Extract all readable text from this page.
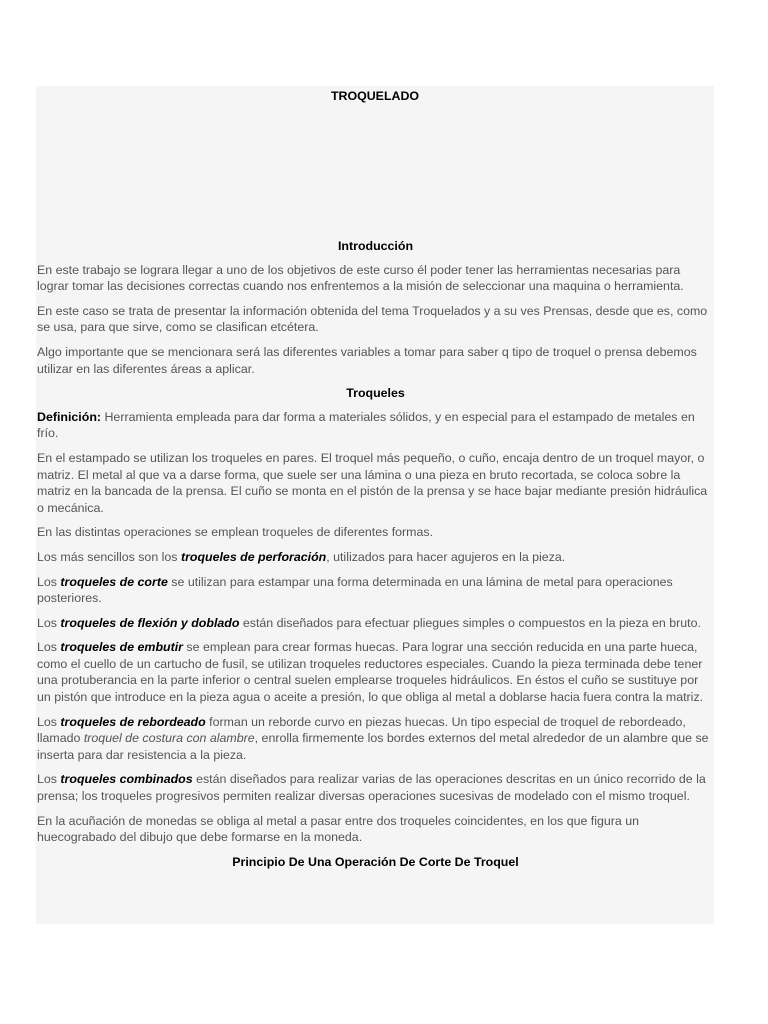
TROQUELADO
Introducción

En este trabajo se lograra llegar a uno de los objetivos de este curso él poder tener las herramientas necesarias para lograr tomar las decisiones correctas cuando nos enfrentemos a la misión de seleccionar una maquina o herramienta.

En este caso se trata de presentar la información obtenida del tema Troquelados y a su ves Prensas, desde que es, como se usa, para que sirve, como se clasifican etcétera.

Algo importante que se mencionara será las diferentes variables a tomar para saber q tipo de troquel o prensa debemos utilizar en las diferentes áreas a aplicar.

Troqueles

Definición: Herramienta empleada para dar forma a materiales sólidos, y en especial para el estampado de metales en frío.

En el estampado se utilizan los troqueles en pares. El troquel más pequeño, o cuño, encaja dentro de un troquel mayor, o matriz. El metal al que va a darse forma, que suele ser una lámina o una pieza en bruto recortada, se coloca sobre la matriz en la bancada de la prensa. El cuño se monta en el pistón de la prensa y se hace bajar mediante presión hidráulica o mecánica.

En las distintas operaciones se emplean troqueles de diferentes formas.

Los más sencillos son los troqueles de perforación, utilizados para hacer agujeros en la pieza.

Los troqueles de corte se utilizan para estampar una forma determinada en una lámina de metal para operaciones posteriores.

Los troqueles de flexión y doblado están diseñados para efectuar pliegues simples o compuestos en la pieza en bruto.

Los troqueles de embutir se emplean para crear formas huecas. Para lograr una sección reducida en una parte hueca, como el cuello de un cartucho de fusil, se utilizan troqueles reductores especiales. Cuando la pieza terminada debe tener una protuberancia en la parte inferior o central suelen emplearse troqueles hidráulicos. En éstos el cuño se sustituye por un pistón que introduce en la pieza agua o aceite a presión, lo que obliga al metal a doblarse hacia fuera contra la matriz.

Los troqueles de rebordeado forman un reborde curvo en piezas huecas. Un tipo especial de troquel de rebordeado, llamado troquel de costura con alambre, enrolla firmemente los bordes externos del metal alrededor de un alambre que se inserta para dar resistencia a la pieza.

Los troqueles combinados están diseñados para realizar varias de las operaciones descritas en un único recorrido de la prensa; los troqueles progresivos permiten realizar diversas operaciones sucesivas de modelado con el mismo troquel.

En la acuñación de monedas se obliga al metal a pasar entre dos troqueles coincidentes, en los que figura un huecograbado del dibujo que debe formarse en la moneda.

Principio De Una Operación De Corte De Troquel
